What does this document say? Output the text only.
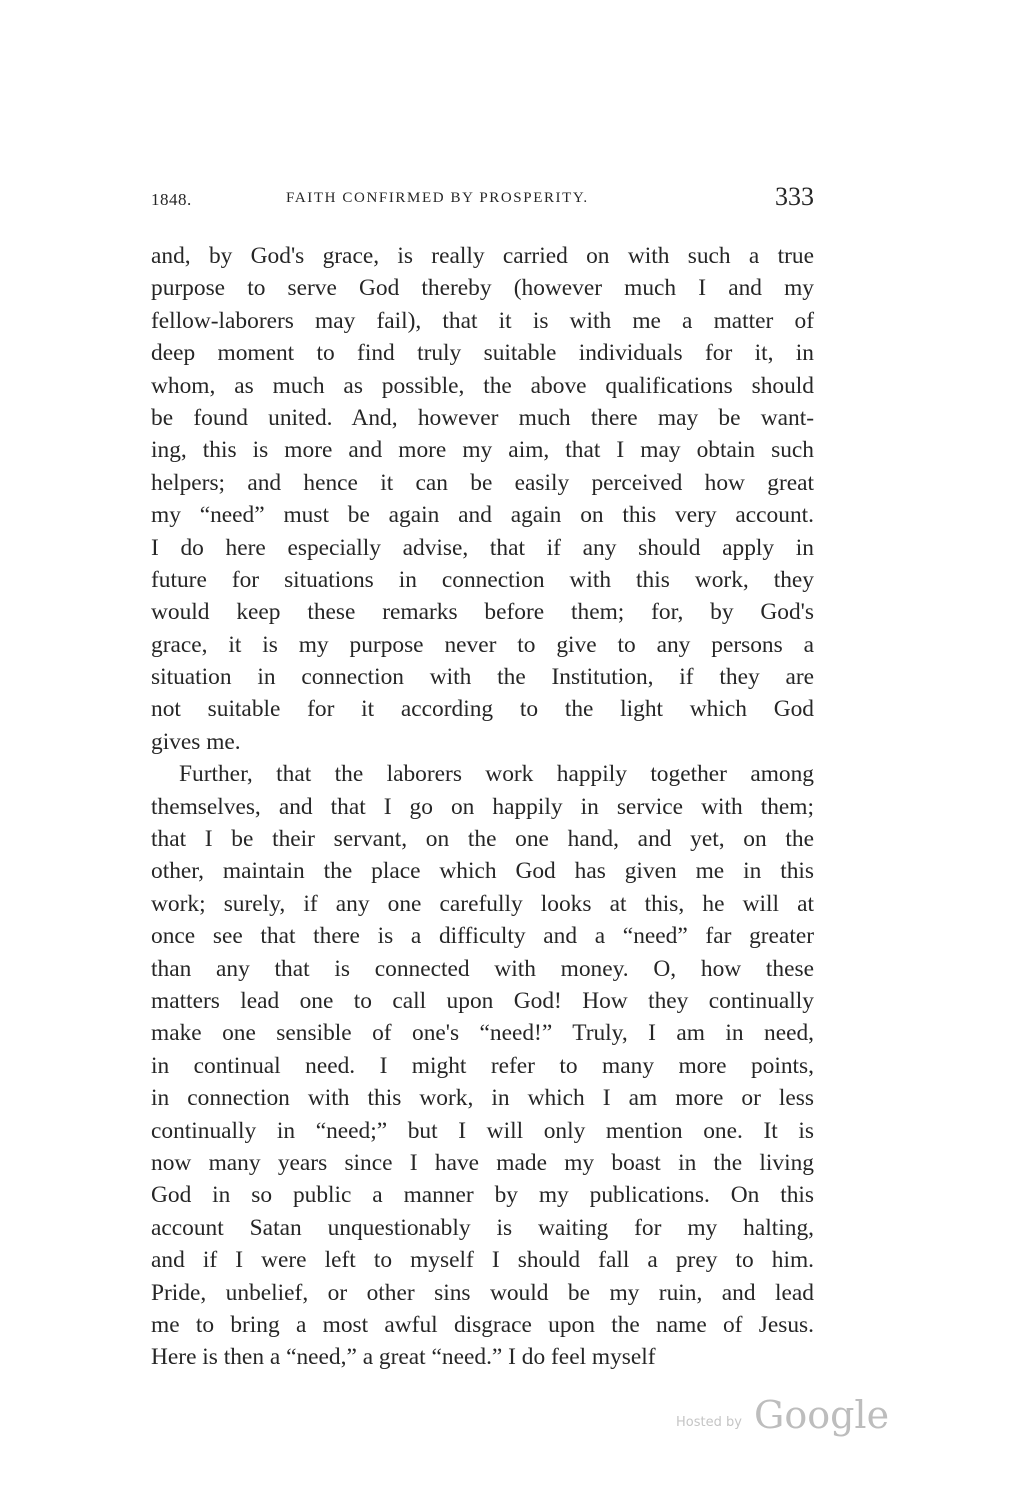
1848.	FAITH CONFIRMED BY PROSPERITY.	333
and, by God's grace, is really carried on with such a true
purpose to serve God thereby (however much I and my
fellow-laborers may fail), that it is with me a matter of
deep moment to find truly suitable individuals for it, in
whom, as much as possible, the above qualifications should
be found united. And, however much there may be want-
ing, this is more and more my aim, that I may obtain such
helpers; and hence it can be easily perceived how great
my “need” must be again and again on this very account.
I do here especially advise, that if any should apply in
future for situations in connection with this work, they
would keep these remarks before them; for, by God's
grace, it is my purpose never to give to any persons a
situation in connection with the Institution, if they are
not suitable for it according to the light which God
gives me.
Further, that the laborers work happily together among
themselves, and that I go on happily in service with them;
that I be their servant, on the one hand, and yet, on the
other, maintain the place which God has given me in this
work; surely, if any one carefully looks at this, he will at
once see that there is a difficulty and a “need” far greater
than any that is connected with money. O, how these
matters lead one to call upon God! How they continually
make one sensible of one's “need!” Truly, I am in need,
in continual need. I might refer to many more points,
in connection with this work, in which I am more or less
continually in “need;” but I will only mention one. It is
now many years since I have made my boast in the living
God in so public a manner by my publications. On this
account Satan unquestionably is waiting for my halting,
and if I were left to myself I should fall a prey to him.
Pride, unbelief, or other sins would be my ruin, and lead
me to bring a most awful disgrace upon the name of Jesus.
Here is then a “need,” a great “need.” I do feel myself
Hosted by Google
